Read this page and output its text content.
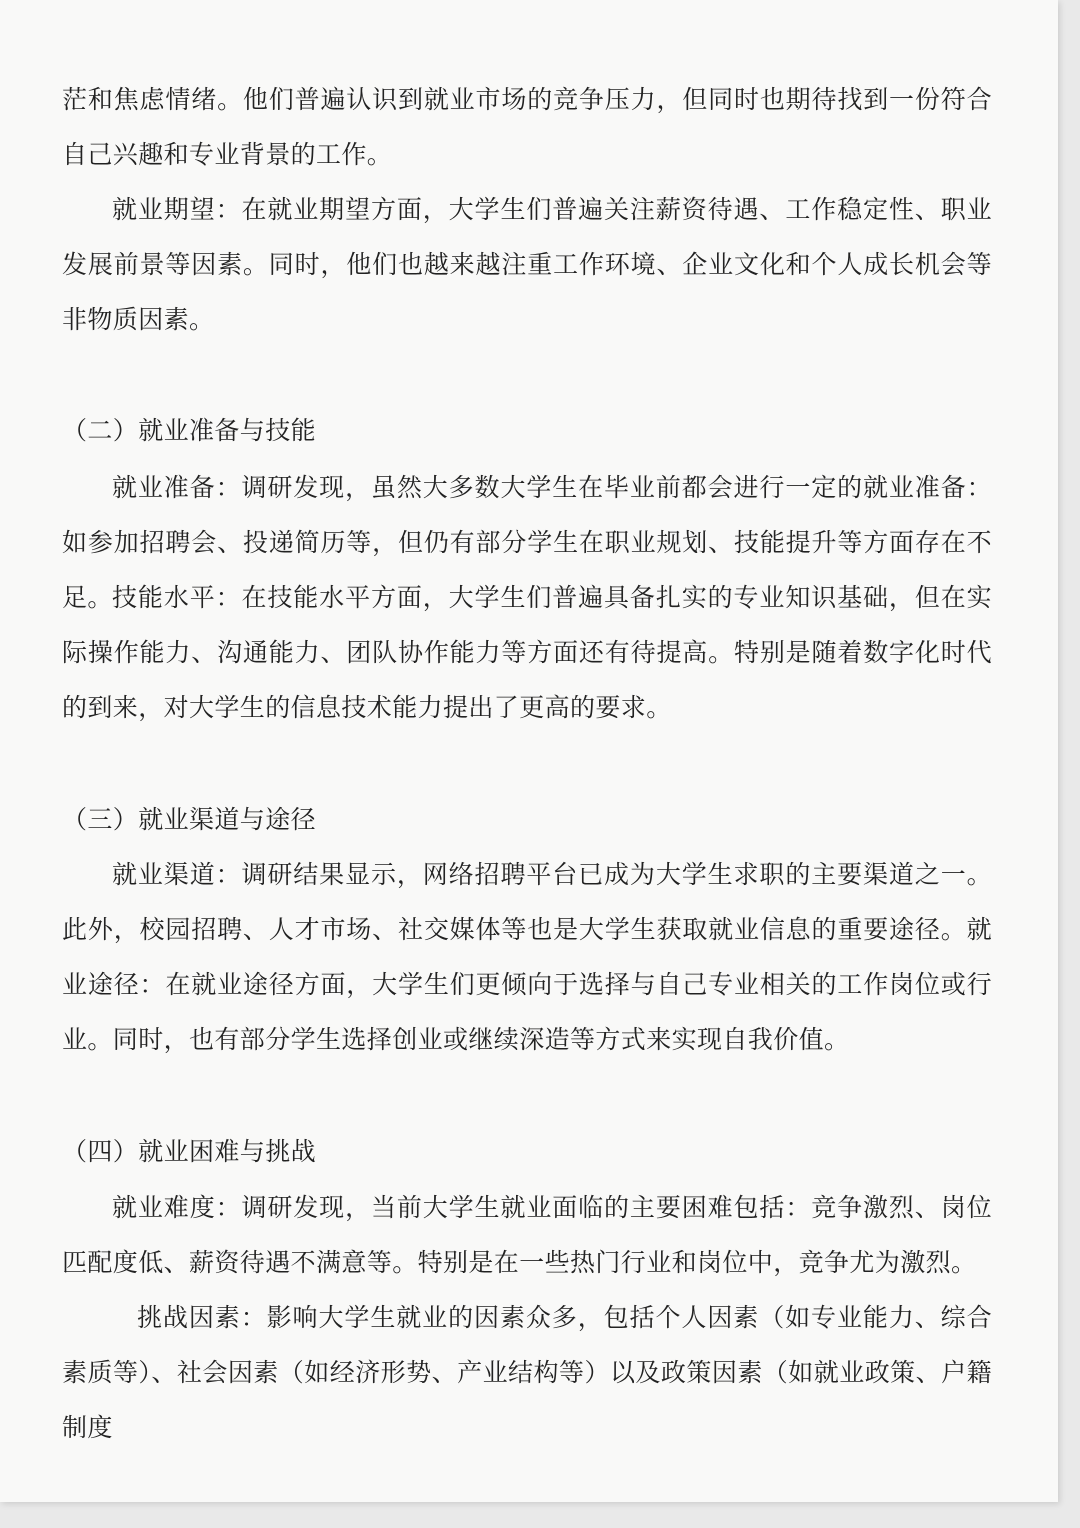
茫和焦虑情绪。他们普遍认识到就业市场的竞争压力，但同时也期待找到一份符合自己兴趣和专业背景的工作。

就业期望：在就业期望方面，大学生们普遍关注薪资待遇、工作稳定性、职业发展前景等因素。同时，他们也越来越注重工作环境、企业文化和个人成长机会等非物质因素。

（二）就业准备与技能

就业准备：调研发现，虽然大多数大学生在毕业前都会进行一定的就业准备：如参加招聘会、投递简历等，但仍有部分学生在职业规划、技能提升等方面存在不足。 技能水平：在技能水平方面，大学生们普遍具备扎实的专业知识基础，但在实际操作能力、沟通能力、团队协作能力等方面还有待提高。特别是随着数字化时代的到来，对大学生的信息技术能力提出了更高的要求。

（三）就业渠道与途径

就业渠道：调研结果显示，网络招聘平台已成为大学生求职的主要渠道之一。此外，校园招聘、人才市场、社交媒体等也是大学生获取就业信息的重要途径。就业途径：在就业途径方面，大学生们更倾向于选择与自己专业相关的工作岗位或行业。同时，也有部分学生选择创业或继续深造等方式来实现自我价值。

（四）就业困难与挑战

就业难度：调研发现，当前大学生就业面临的主要困难包括：竞争激烈、岗位匹配度低、薪资待遇不满意等。特别是在一些热门行业和岗位中，竞争尤为激烈。

挑战因素：影响大学生就业的因素众多，包括个人因素（如专业能力、综合素质等）、社会因素（如经济形势、产业结构等）以及政策因素（如就业政策、户籍制度
